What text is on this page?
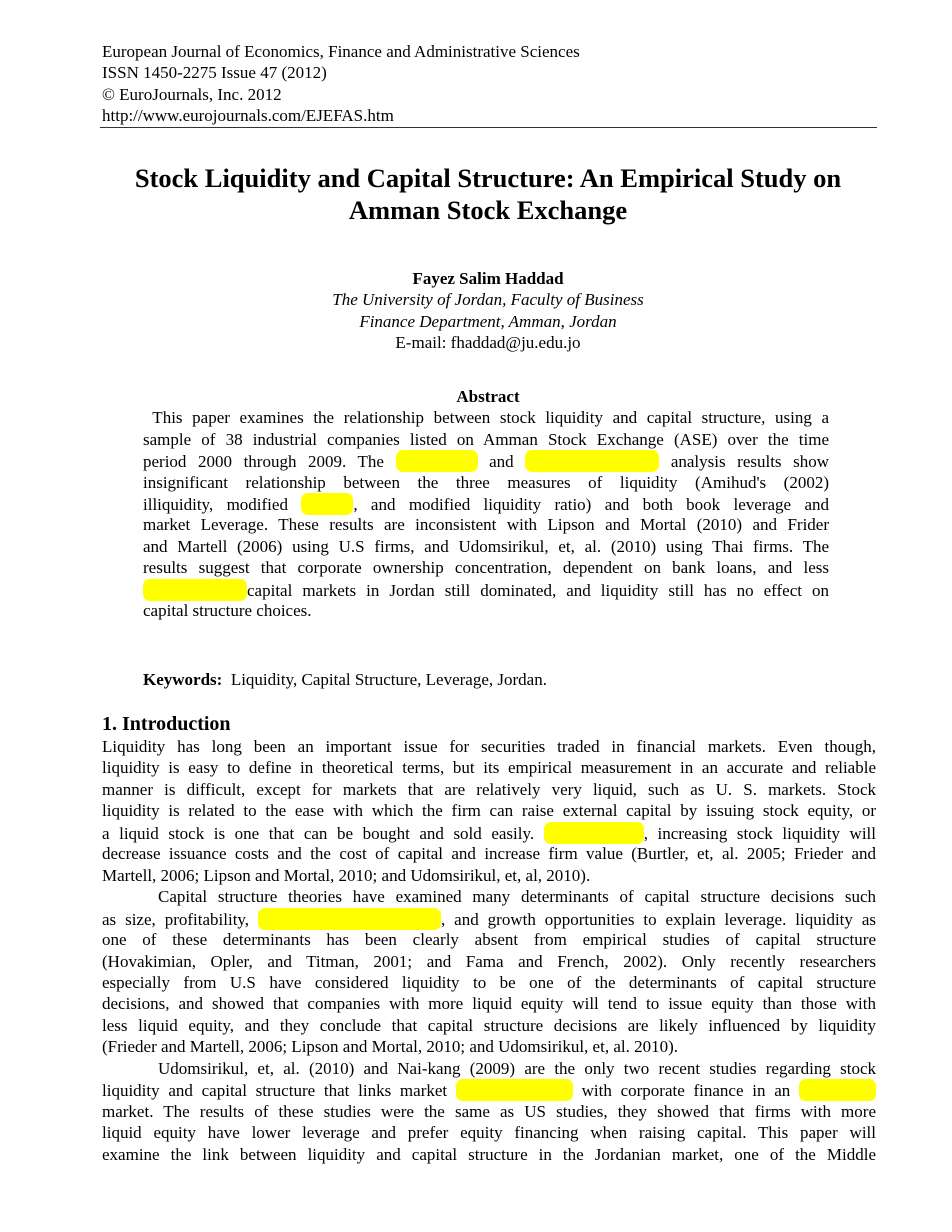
European Journal of Economics, Finance and Administrative Sciences
ISSN 1450-2275 Issue 47 (2012)
© EuroJournals, Inc. 2012
http://www.eurojournals.com/EJEFAS.htm
Stock Liquidity and Capital Structure: An Empirical Study on
Amman Stock Exchange
Fayez Salim Haddad
The University of Jordan, Faculty of Business
Finance Department, Amman, Jordan
E-mail: fhaddad@ju.edu.jo
Abstract
This paper examines the relationship between stock liquidity and capital structure, using a
sample of 38 industrial companies listed on Amman Stock Exchange (ASE) over the time
period 2000 through 2009. The	and	analysis results show
insignificant relationship between the three measures of liquidity (Amihud's (2002)
illiquidity, modified	, and modified liquidity ratio) and both book leverage and
market Leverage. These results are inconsistent with Lipson and Mortal (2010) and Frider
and Martell (2006) using U.S firms, and Udomsirikul, et, al. (2010) using Thai firms. The
results suggest that corporate ownership concentration, dependent on bank loans, and less
capital markets in Jordan still dominated, and liquidity still has no effect on
capital structure choices.
Keywords: Liquidity, Capital Structure, Leverage, Jordan.
1. Introduction
Liquidity has long been an important issue for securities traded in financial markets. Even though,
liquidity is easy to define in theoretical terms, but its empirical measurement in an accurate and reliable
manner is difficult, except for markets that are relatively very liquid, such as U. S. markets. Stock
liquidity is related to the ease with which the firm can raise external capital by issuing stock equity, or
a liquid stock is one that can be bought and sold easily.	, increasing stock liquidity will
decrease issuance costs and the cost of capital and increase firm value (Burtler, et, al. 2005; Frieder and
Martell, 2006; Lipson and Mortal, 2010; and Udomsirikul, et, al, 2010).
Capital structure theories have examined many determinants of capital structure decisions such
as size, profitability,	, and growth opportunities to explain leverage. liquidity as
one of these determinants has been clearly absent from empirical studies of capital structure
(Hovakimian, Opler, and Titman, 2001; and Fama and French, 2002). Only recently researchers
especially from U.S have considered liquidity to be one of the determinants of capital structure
decisions, and showed that companies with more liquid equity will tend to issue equity than those with
less liquid equity, and they conclude that capital structure decisions are likely influenced by liquidity
(Frieder and Martell, 2006; Lipson and Mortal, 2010; and Udomsirikul, et, al. 2010).
Udomsirikul, et, al. (2010) and Nai-kang (2009) are the only two recent studies regarding stock
liquidity and capital structure that links market	with corporate finance in an
market. The results of these studies were the same as US studies, they showed that firms with more
liquid equity have lower leverage and prefer equity financing when raising capital. This paper will
examine the link between liquidity and capital structure in the Jordanian market, one of the Middle
